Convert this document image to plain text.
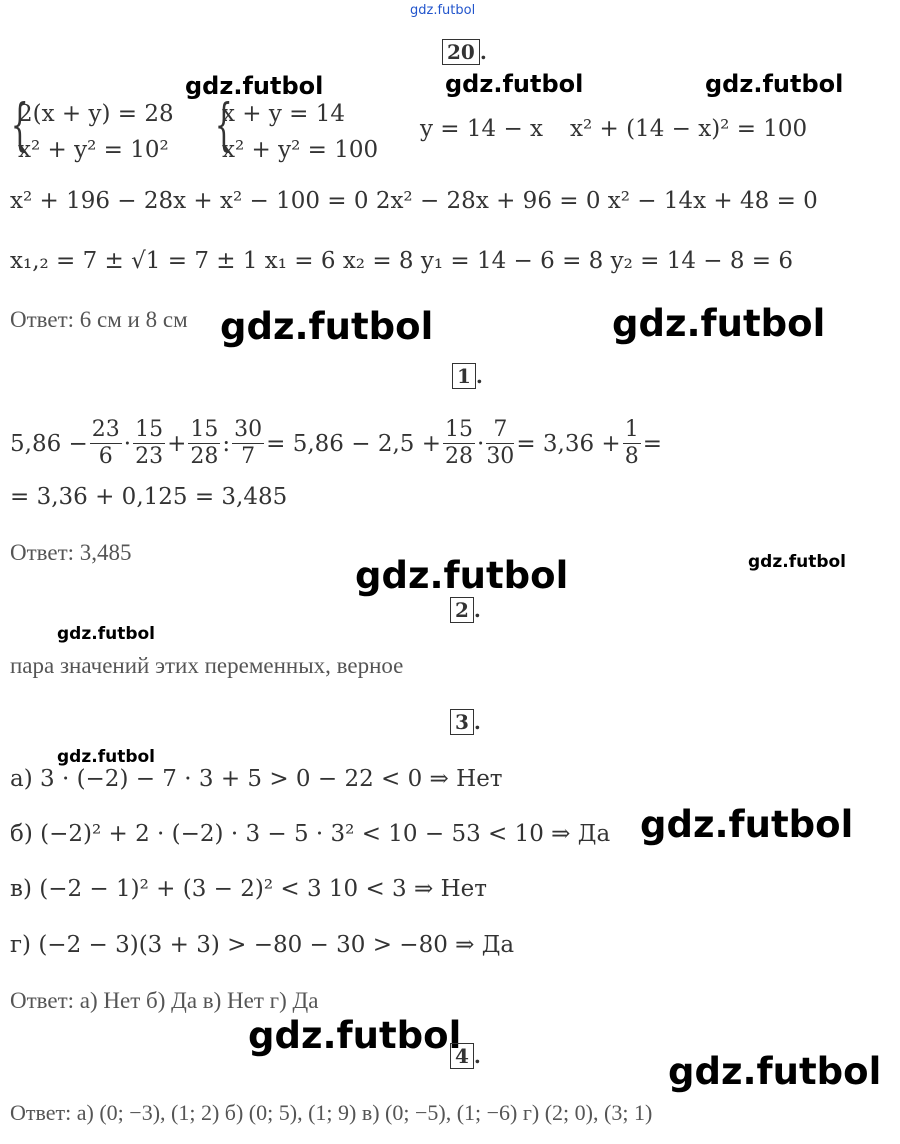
gdz.futbol
gdz.futbol	gdz.futbol	gdz.futbol
gdz.futbol	gdz.futbol
gdz.futbol	gdz.futbol
gdz.futbol
gdz.futbol
gdz.futbol
gdz.futbol
gdz.futbol
20 .
{
2(x + y) = 28
x² + y² = 10² {
x + y = 14
x² + y² = 100
y = 14 − x x² + (14 − x)² = 100
x² + 196 − 28x + x² − 100 = 0 2x² − 28x + 96 = 0 x² − 14x + 48 = 0
x₁,₂ = 7 ± √1 = 7 ± 1 x₁ = 6 x₂ = 8 y₁ = 14 − 6 = 8 y₂ = 14 − 8 = 6
Ответ: 6 см и 8 см
1 .
$5,86 - \frac{23}{6} \cdot \frac{15}{23} + \frac{15}{28}$ : $\frac{30}{7} = 5,86 - 2,5 + \frac{15}{28} \cdot \frac{7}{30} = 3,36 + \frac{1}{8}$ =
= 3,36 + 0,125 = 3,485
Ответ: 3,485
2 .
пара значений этих переменных, верное
3 .
а) 3 · (−2) − 7 · 3 + 5 > 0 − 22 < 0 ⇒ Нет
б) (−2)² + 2 · (−2) · 3 − 5 · 3² < 10 − 53 < 10 ⇒ Да
в) (−2 − 1)² + (3 − 2)² < 3 10 < 3 ⇒ Нет
г) (−2 − 3)(3 + 3) > −80 − 30 > −80 ⇒ Да
Ответ: а) Нет б) Да в) Нет г) Да
4 .
Ответ: а) (0; −3), (1; 2) б) (0; 5), (1; 9) в) (0; −5), (1; −6) г) (2; 0), (3; 1)
